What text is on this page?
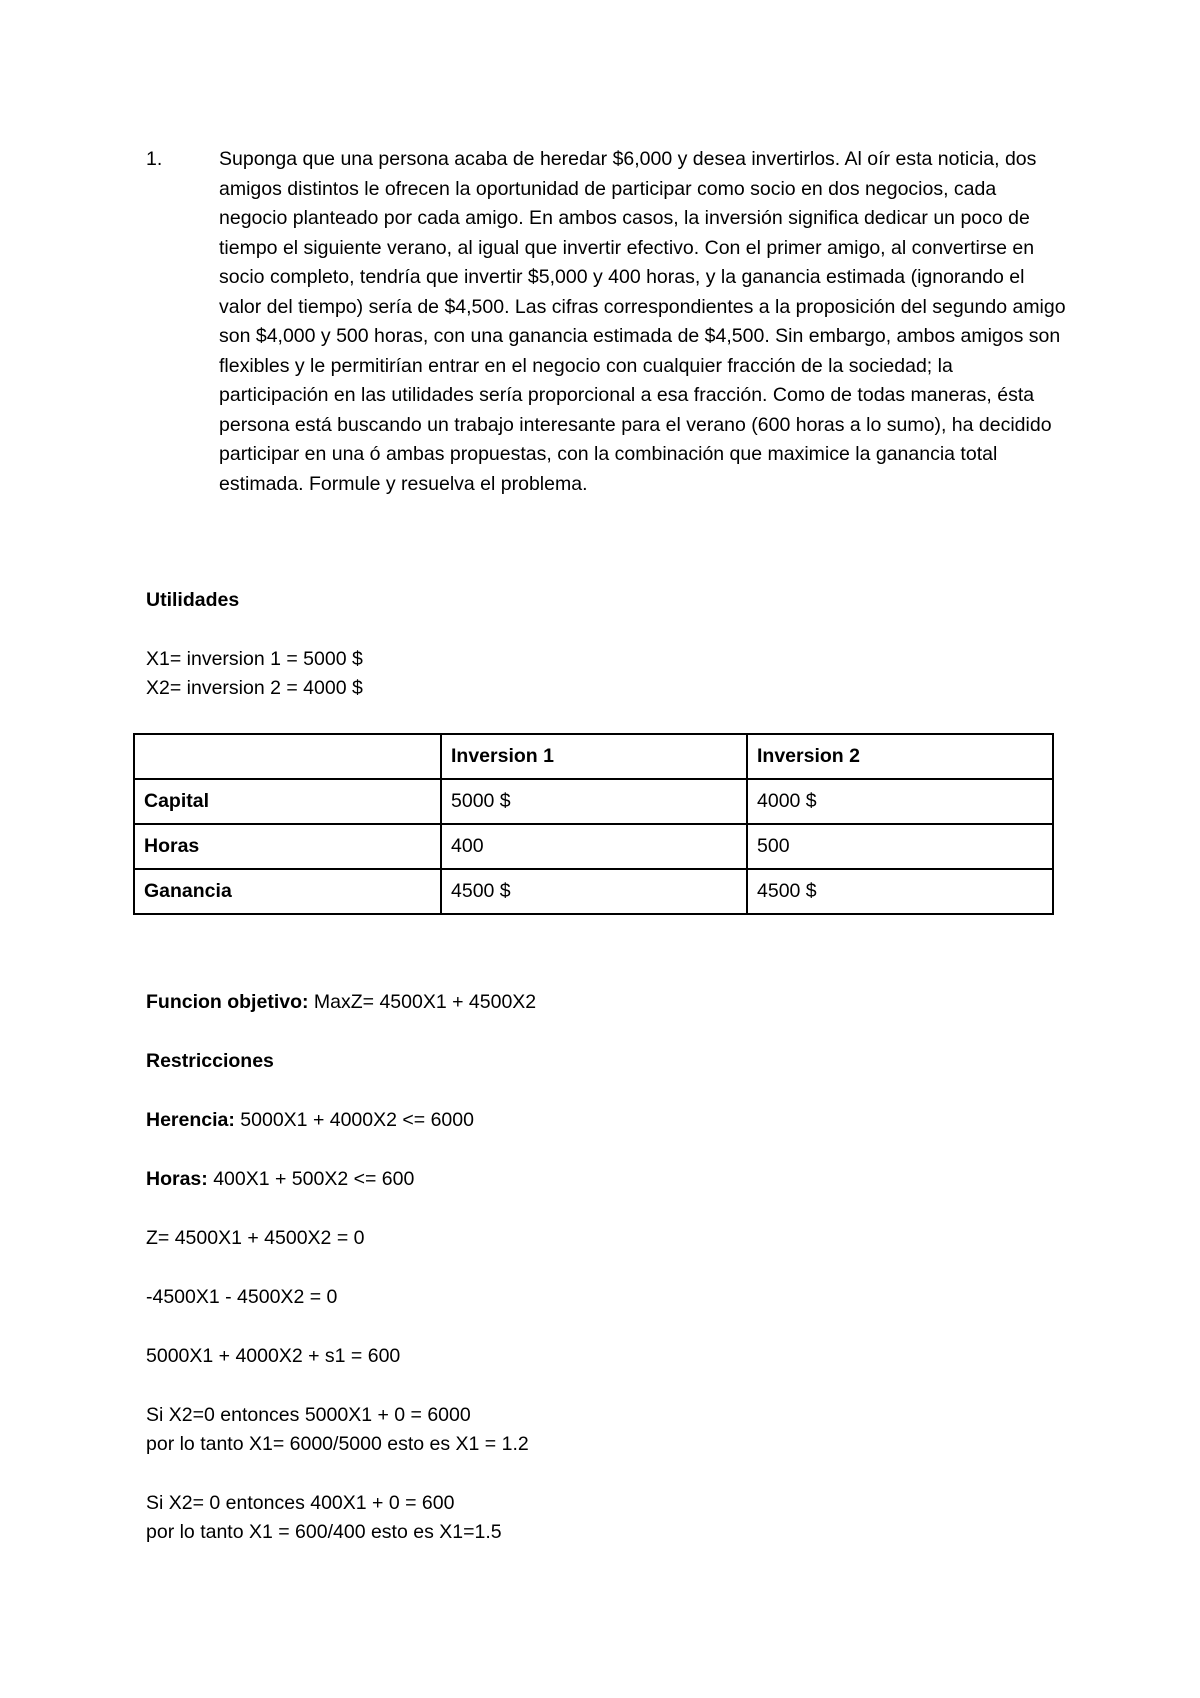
1.	Suponga que una persona acaba de heredar $6,000 y desea invertirlos. Al oír esta noticia, dos amigos distintos le ofrecen la oportunidad de participar como socio en dos negocios, cada negocio planteado por cada amigo. En ambos casos, la inversión significa dedicar un poco de tiempo el siguiente verano, al igual que invertir efectivo. Con el primer amigo, al convertirse en socio completo, tendría que invertir $5,000 y 400 horas, y la ganancia estimada (ignorando el valor del tiempo) sería de $4,500. Las cifras correspondientes a la proposición del segundo amigo son $4,000 y 500 horas, con una ganancia estimada de $4,500. Sin embargo, ambos amigos son flexibles y le permitirían entrar en el negocio con cualquier fracción de la sociedad; la participación en las utilidades sería proporcional a esa fracción. Como de todas maneras, ésta persona está buscando un trabajo interesante para el verano (600 horas a lo sumo), ha decidido participar en una ó ambas propuestas, con la combinación que maximice la ganancia total estimada. Formule y resuelva el problema.
Utilidades
X1= inversion 1 = 5000 $
X2= inversion 2 = 4000 $
	Inversion 1	Inversion 2
Capital	5000 $	4000 $
Horas	400	500
Ganancia	4500 $	4500 $
Funcion objetivo: MaxZ= 4500X1 + 4500X2
Restricciones
Herencia: 5000X1 + 4000X2 <= 6000
Horas: 400X1 + 500X2 <= 600
Z= 4500X1 + 4500X2 = 0
-4500X1 - 4500X2 = 0
5000X1 + 4000X2 + s1 = 600
Si X2=0 entonces 5000X1 + 0 = 6000
por lo tanto X1= 6000/5000 esto es X1 = 1.2
Si X2= 0 entonces 400X1 + 0 = 600
por lo tanto X1 = 600/400 esto es X1=1.5
